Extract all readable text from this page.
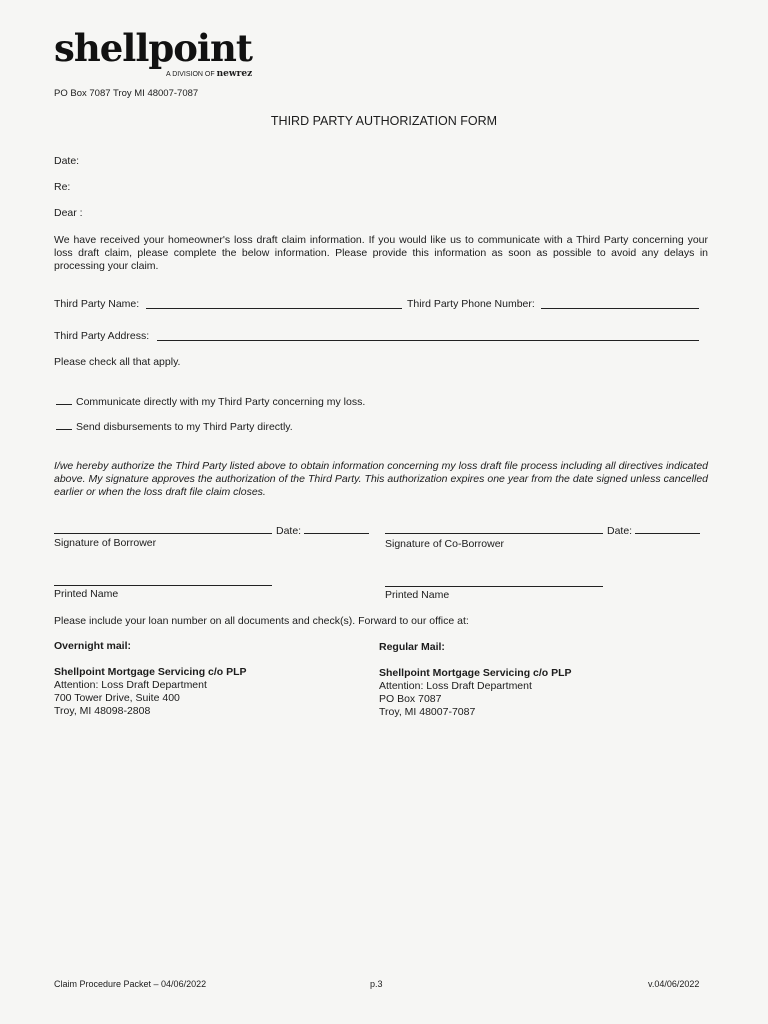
shellpoint
A DIVISION OF newrez
PO Box 7087 Troy MI 48007-7087
THIRD PARTY AUTHORIZATION FORM
Date:
Re:
Dear :
We have received your homeowner's loss draft claim information. If you would like us to communicate with a Third Party concerning your loss draft claim, please complete the below information. Please provide this information as soon as possible to avoid any delays in processing your claim.
Third Party Name:	Third Party Phone Number:
Third Party Address:
Please check all that apply.
Communicate directly with my Third Party concerning my loss.
Send disbursements to my Third Party directly.
I/we hereby authorize the Third Party listed above to obtain information concerning my loss draft file process including all directives indicated above. My signature approves the authorization of the Third Party. This authorization expires one year from the date signed unless cancelled earlier or when the loss draft file claim closes.
Date:
Signature of Borrower
Date:
Signature of Co-Borrower
Printed Name	Printed Name
Please include your loan number on all documents and check(s). Forward to our office at:
Overnight mail:
Shellpoint Mortgage Servicing c/o PLP
Attention: Loss Draft Department
700 Tower Drive, Suite 400
Troy, MI 48098-2808
Regular Mail:
Shellpoint Mortgage Servicing c/o PLP
Attention: Loss Draft Department
PO Box 7087
Troy, MI 48007-7087
Claim Procedure Packet – 04/06/2022	p.3	v.04/06/2022
